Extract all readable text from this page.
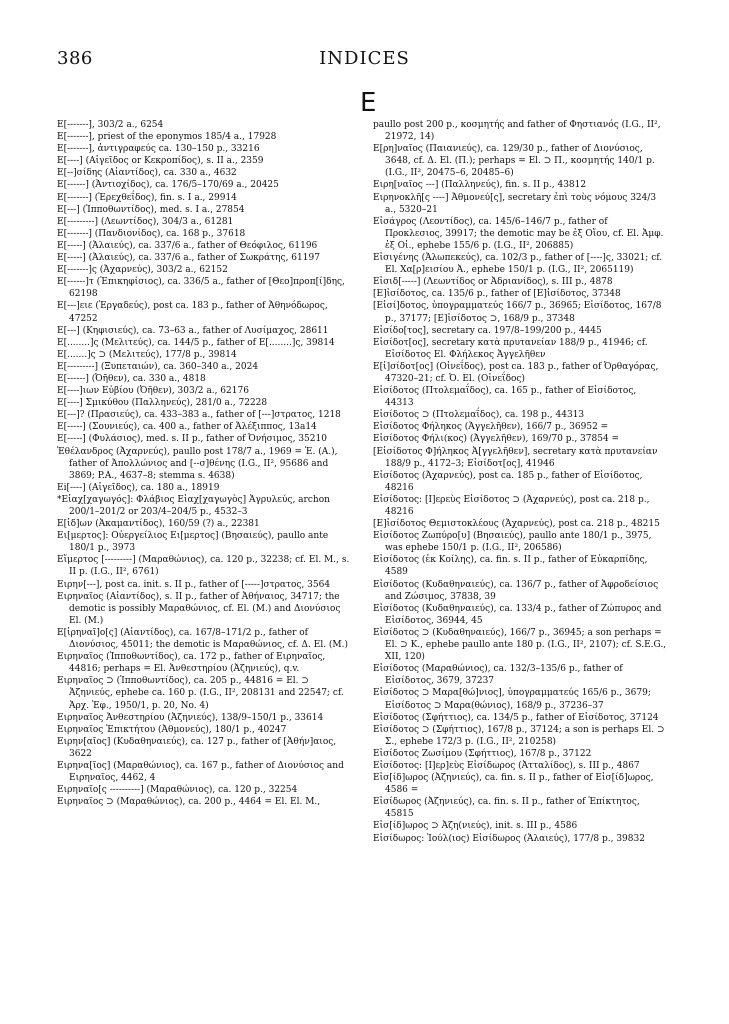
386	INDICES
E

E[-------], 303/2 a., 6254

E[-------], priest of the eponymos 185/4 a., 17928

E[-------], ἀντιγραφεύς ca. 130–150 p., 33216

E[----] (Αἰγεῖδος or Κεκροπίδος), s. II a., 2359

E[--]σίδης (Αἰαντίδος), ca. 330 a., 4632

E[------] (Ἀντιοχίδος), ca. 176/5–170/69 a., 20425

E[-------] (Ἐρεχθεΐδος), fin. s. I a., 29914

E[---] (Ἱπποθωντίδος), med. s. I a., 27854

E[---------] (Λεωντίδος), 304/3 a., 61281

E[-------] (Πανδιονίδος), ca. 168 p., 37618

E[-----] (Ἀλαιεύς), ca. 337/6 a., father of Θεόφιλος, 61196

E[-----] (Ἀλαιεύς), ca. 337/6 a., father of Σωκράτης, 61197

E[-------]ς (Ἀχαρνεύς), 303/2 a., 62152

E[------]τ (Ἐπικηφίσιος), ca. 336/5 a., father of [Θεο]προπ[ί]δης, 62198

E[---]ειε (Ἐργαδεύς), post ca. 183 p., father of Ἀθηνόδωρος, 47252

E[---] (Κηφισιεύς), ca. 73–63 a., father of Λυσίμαχος, 28611

E[........]ς (Μελιτεύς), ca. 144/5 p., father of E[........]ς, 39814

E[.......]ς ⊃ (Μελιτεύς), 177/8 p., 39814

E[---------] (Ξυπεταιών), ca. 360–340 a., 2024

E[------] (Ὀῆθεν), ca. 330 a., 4818

E[----]ιων Εὐβίου (Ὀῆθεν), 303/2 a., 62176

E[----] Σμικύθου (Παλληνεύς), 281/0 a., 72228

E[---]? (Πρασιεύς), ca. 433–383 a., father of [---]στρατος, 1218

E[-----] (Σουνιεύς), ca. 400 a., father of Ἀλέξιππος, 13a14

E[-----] (Φυλάσιος), med. s. II p., father of Ὀνήσιμος, 35210

Ἐθέλανδρος (Ἀχαρνεύς), paullo post 178/7 a., 1969 = Ἐ. (Α.), father of Ἀπολλώνιος and [--σ]θένης (I.G., II², 95686 and 3869; P.A., 4637–8; stemma s. 4638)

Ei[----] (Αἰγεῖδος), ca. 180 a., 18919

*Εἰαχ[χαγωγός]: Φλάβιος Εἰαχ[χαγωγὸς] Ἀγρυλεύς, archon 200/1–201/2 or 203/4–204/5 p., 4532–3

E[ἰδ]ων (Ἀκαμαντίδος), 160/59 (?) a., 22381

Eι[μερτος]: Οὐεργείλιος Eι[μερτος] (Βησαιεύς), paullo ante 180/1 p., 3973

Eἵμερτος [---------] (Μαραθώνιος), ca. 120 p., 32238; cf. El. M., s. II p. (I.G., II², 6761)

Eιρην[---], post ca. init. s. II p., father of [-----]στρατος, 3564

Eιρηναῖος (Αἰαντίδος), s. II p., father of Ἀθήναιος, 34717; the demotic is possibly Μαραθώνιος, cf. El. (M.) and Διονύσιος El. (M.)

E[ἰρηναῖ]ο[ς] (Αἰαντίδος), ca. 167/8–171/2 p., father of Διονύσιος, 45011; the demotic is Μαραθώνιος, cf. Δ. El. (M.)

Eιρηναῖος (Ἱπποθωντίδος), ca. 172 p., father of Eιρηναῖος, 44816; perhaps = El. Ἀνθεστηρίου (Ἀζηνιεύς), q.v.

Eιρηναῖος ⊃ (Ἱπποθωντίδος), ca. 205 p., 44816 = El. ⊃ Ἀζηνιεύς, ephebe ca. 160 p. (I.G., II², 208131 and 22547; cf. Ἀρχ. Ἐφ., 1950/1, p. 20, No. 4)

Eιρηναῖος Ἀνθεστηρίου (Ἀζηνιεύς), 138/9–150/1 p., 33614

Eιρηναῖος Ἐπικτήτου (Ἀθμονεύς), 180/1 p., 40247

Eιρην[αῖος] (Κυδαθηναιεύς), ca. 127 p., father of [Ἀθήν]αιος, 3622

Eιρηνα[ῖος] (Μαραθώνιος), ca. 167 p., father of Διονύσιος and Eιρηναῖος, 4462, 4

Eιρηναῖο[ς ----------] (Μαραθώνιος), ca. 120 p., 32254

Eιρηναῖος ⊃ (Μαραθώνιος), ca. 200 p., 4464 = El. El. M.,

paullo post 200 p., κοσμητής and father of Φηστιανός (I.G., II², 21972, 14)

E[ρη]ναῖος (Παιανιεύς), ca. 129/30 p., father of Διονύσιος, 3648, cf. Δ. El. (Π.); perhaps = El. ⊃ Π., κοσμητής 140/1 p. (I.G., II², 20475–6, 20485–6)

Eιρη[ναῖος ---] (Παλληνεύς), fin. s. II p., 43812

Eιρηνοκλῆ[ς ----] Ἀθμονεύ[ς], secretary ἐπὶ τοὺς νόμους 324/3 a., 5320–21

Eἰσάγρος (Λεοντίδος), ca. 145/6–146/7 p., father of Προκλεσιος, 39917; the demotic may be ἐξ Οἴου, cf. El. Ἀμφ. ἐξ Οἰ., ephebe 155/6 p. (I.G., II², 206885)

Eἰσιγένης (Ἀλωπεκεύς), ca. 102/3 p., father of [----]ς, 33021; cf. El. Χα[ρ]εισίου Ἀ., ephebe 150/1 p. (I.G., II², 2065119)

Eἰσιδ[-----] (Λεωντίδος or Ἀδριανίδος), s. III p., 4878

[E]ἰσίδοτος, ca. 135/6 p., father of [E]ἰσίδοτος, 37348

[Eἰσί]δοτος, ὑπογραμματεύς 166/7 p., 36965; Eἰσίδοτος, 167/8 p., 37177; [E]ἰσίδοτος ⊃, 168/9 p., 37348

Eἰσίδο[τος], secretary ca. 197/8–199/200 p., 4445

Eἰσίδοτ[ος], secretary κατὰ πρυτανείαν 188/9 p., 41946; cf. Eἰσίδοτος El. Φλήλεκος Ἀγγελῆθεν

E[ἰ]σίδοτ[ος] (Οἰνεΐδος), post ca. 183 p., father of Ὀρθαγόρας, 47320–21; cf. Ὀ. El. (Οἰνεΐδος)

Eἰσίδοτος (Πτολεμαΐδος), ca. 165 p., father of Eἰσίδοτος, 44313

Eἰσίδοτος ⊃ (Πτολεμαΐδος), ca. 198 p., 44313

Eἰσίδοτος Φήληκος (Ἀγγελῆθεν), 166/7 p., 36952 =

Eἰσίδοτος Φήλι(κος) (Ἀγγελῆθεν), 169/70 p., 37854 =

[Eἰσίδοτος Φ]ήληκος Ἀ[γγελῆθεν], secretary κατὰ πρυτανείαν 188/9 p., 4172–3; Eἰσίδοτ[ος], 41946

Eἰσίδοτος (Ἀχαρνεύς), post ca. 185 p., father of Eἰσίδοτος, 48216

Eἰσίδοτος: [I]ερεὺς Eἰσίδοτος ⊃ (Ἀχαρνεύς), post ca. 218 p., 48216

[E]ἰσίδοτος Θεμιστοκλέους (Ἀχαρνεύς), post ca. 218 p., 48215

Eἰσίδοτος Ζωπύρο[υ] (Βησαιεύς), paullo ante 180/1 p., 3975, was ephebe 150/1 p. (I.G., II², 206586)

Eἰσίδοτος (ἐκ Κοίλης), ca. fin. s. II p., father of Εὐκαρπίδης, 4589

Eἰσίδοτος (Κυδαθηναιεύς), ca. 136/7 p., father of Ἀφροδείσιος and Ζώσιμος, 37838, 39

Eἰσίδοτος (Κυδαθηναιεύς), ca. 133/4 p., father of Ζώπυρος and Eἰσίδοτος, 36944, 45

Eἰσίδοτος ⊃ (Κυδαθηναιεύς), 166/7 p., 36945; a son perhaps = El. ⊃ K., ephebe paullo ante 180 p. (I.G., II², 2107); cf. S.E.G., XII, 120)

Eἰσίδοτος (Μαραθώνιος), ca. 132/3–135/6 p., father of Eἰσίδοτος, 3679, 37237

Eἰσίδοτος ⊃ Μαρα[θώ]νιος], ὑπογραμματεύς 165/6 p., 3679; Eἰσίδοτος ⊃ Μαρα(θώνιος), 168/9 p., 37236–37

Eἰσίδοτος (Σφήττιος), ca. 134/5 p., father of Eἰσίδοτος, 37124

Eἰσίδοτος ⊃ (Σφήττιος), 167/8 p., 37124; a son is perhaps El. ⊃ Σ., ephebe 172/3 p. (I.G., II², 210258)

Eἰσίδοτος Ζωσίμου (Σφήττιος), 167/8 p., 37122

Eἰσίδοτος: [Ι]ερ]εὺς Eἰσίδωρος (Ἀτταλίδος), s. III p., 4867

Eἰσ[ίδ]ωρος (Ἀζηνιεύς), ca. fin. s. II p., father of Eἰσ[ίδ]ωρος, 4586 =

Eἰσίδωρος (Ἀζηνιεύς), ca. fin. s. II p., father of Ἐπίκτητος, 45815

Eἰσ[ίδ]ωρος ⊃ Ἀζη(νιεύς), init. s. III p., 4586

Eἰσίδωρος: Ἰούλ(ιος) Eἰσίδωρος (Ἀλαιεύς), 177/8 p., 39832
